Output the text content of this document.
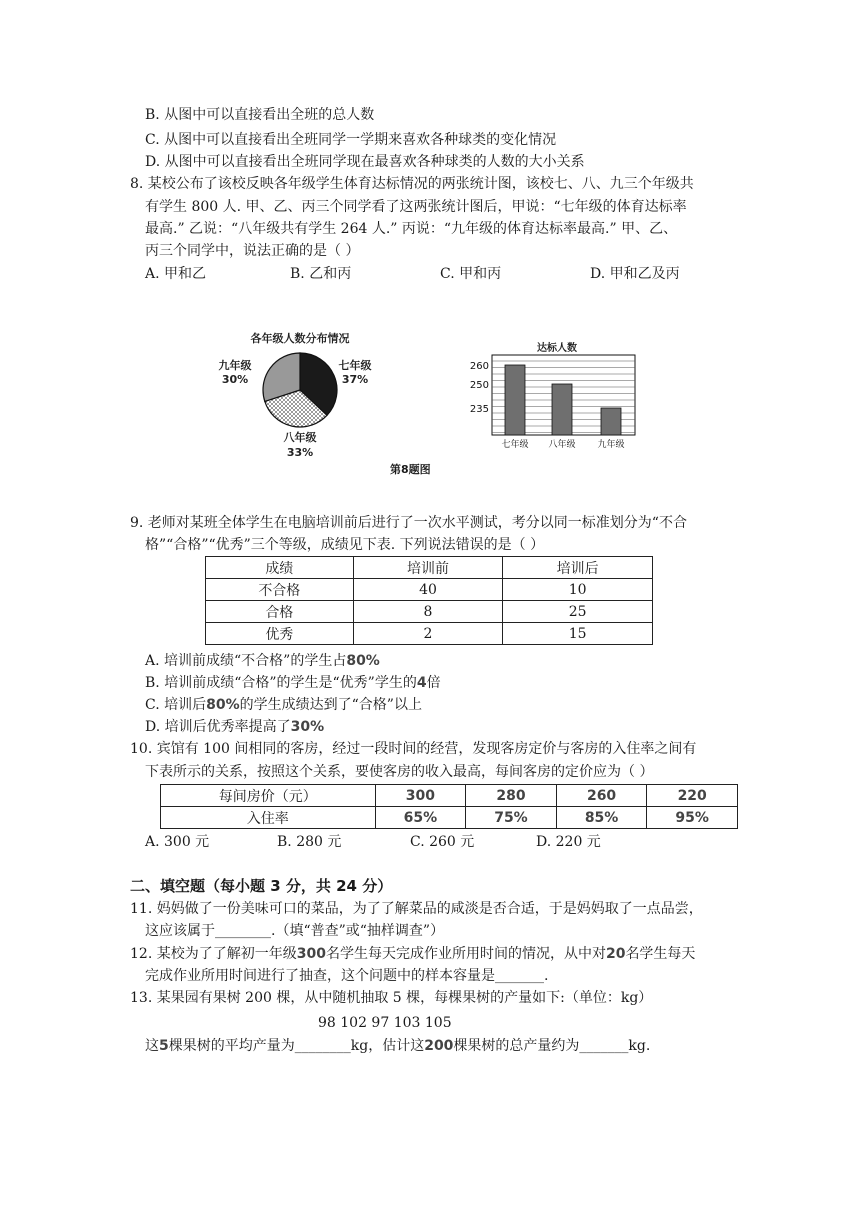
B. 从图中可以直接看出全班的总人数
C. 从图中可以直接看出全班同学一学期来喜欢各种球类的变化情况
D. 从图中可以直接看出全班同学现在最喜欢各种球类的人数的大小关系
8. 某校公布了该校反映各年级学生体育达标情况的两张统计图，该校七、八、九三个年级共
有学生 800 人. 甲、乙、丙三个同学看了这两张统计图后，甲说：“七年级的体育达标率
最高.” 乙说：“八年级共有学生 264 人.” 丙说：“九年级的体育达标率最高.” 甲、乙、
丙三个同学中，说法正确的是（ ）
A. 甲和乙	B. 乙和丙	C. 甲和丙	D. 甲和乙及丙
各年级人数分布情况
七年级
37%
八年级
33%
九年级
30%
达标人数
260
250
235
七年级 八年级 九年级
第8题图
9. 老师对某班全体学生在电脑培训前后进行了一次水平测试，考分以同一标准划分为“不合
格”“合格”“优秀”三个等级，成绩见下表. 下列说法错误的是（ ）
成绩	培训前	培训后
不合格	40	10
合格	8	25
优秀	2	15
A. 培训前成绩“不合格”的学生占80%
B. 培训前成绩“合格”的学生是“优秀”学生的4倍
C. 培训后80%的学生成绩达到了“合格”以上
D. 培训后优秀率提高了30%
10. 宾馆有 100 间相同的客房，经过一段时间的经营，发现客房定价与客房的入住率之间有
下表所示的关系，按照这个关系，要使客房的收入最高，每间客房的定价应为（ ）
每间房价（元）	300	280	260	220
入住率	65%	75%	85%	95%
A. 300 元	B. 280 元	C. 260 元	D. 220 元
二、填空题（每小题 3 分，共 24 分）
11. 妈妈做了一份美味可口的菜品，为了了解菜品的咸淡是否合适，于是妈妈取了一点品尝，
这应该属于________.（填“普查”或“抽样调查”）
12. 某校为了了解初一年级300名学生每天完成作业所用时间的情况，从中对20名学生每天
完成作业所用时间进行了抽查，这个问题中的样本容量是_______.
13. 某果园有果树 200 棵，从中随机抽取 5 棵，每棵果树的产量如下:（单位：kg）
98 102 97 103 105
这5棵果树的平均产量为________kg，估计这200棵果树的总产量约为_______kg.
